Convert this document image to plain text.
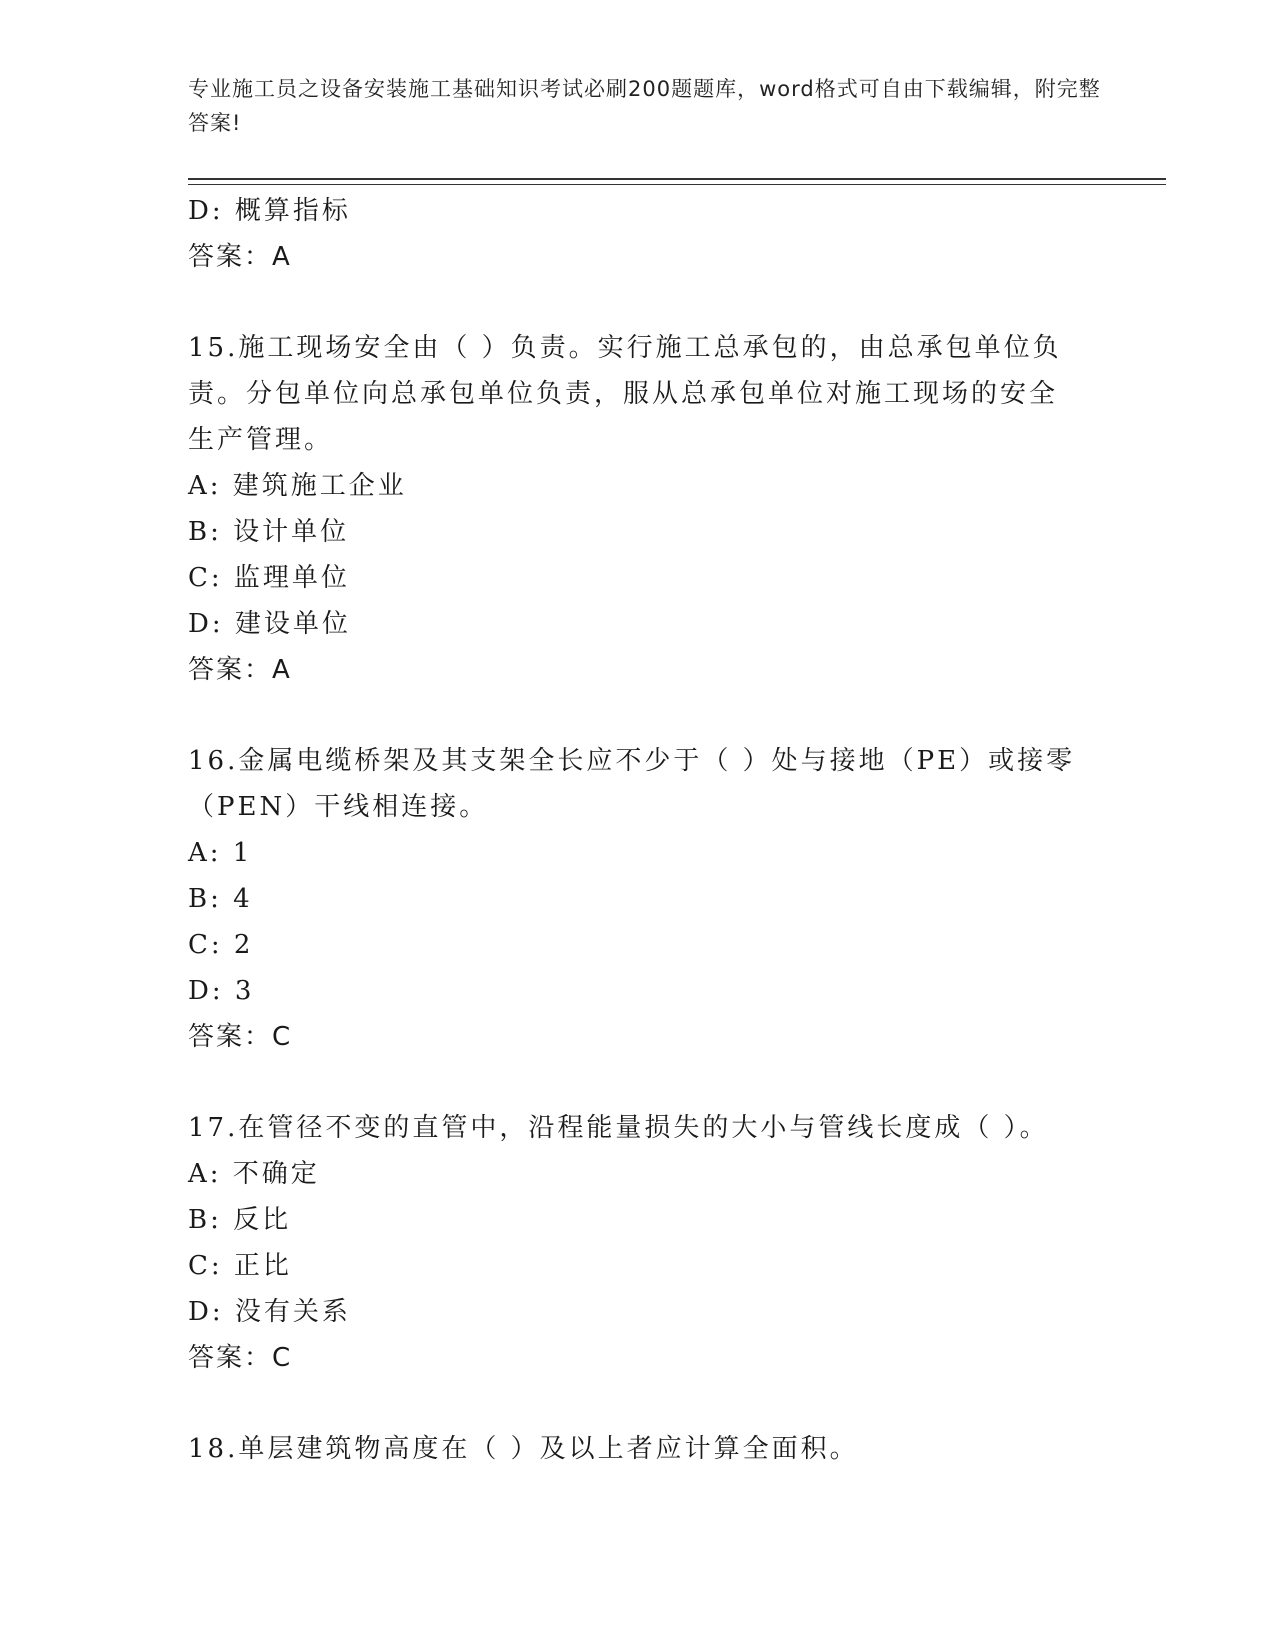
专业施工员之设备安装施工基础知识考试必刷200题题库，word格式可自由下载编辑，附完整答案!
D: 概算指标
答案：A
15.施工现场安全由（ ）负责。实行施工总承包的，由总承包单位负
责。分包单位向总承包单位负责，服从总承包单位对施工现场的安全
生产管理。
A: 建筑施工企业
B: 设计单位
C: 监理单位
D: 建设单位
答案：A
16.金属电缆桥架及其支架全长应不少于（ ）处与接地（PE）或接零
（PEN）干线相连接。
A: 1
B: 4
C: 2
D: 3
答案：C
17.在管径不变的直管中，沿程能量损失的大小与管线长度成（ ）。
A: 不确定
B: 反比
C: 正比
D: 没有关系
答案：C
18.单层建筑物高度在（ ）及以上者应计算全面积。
